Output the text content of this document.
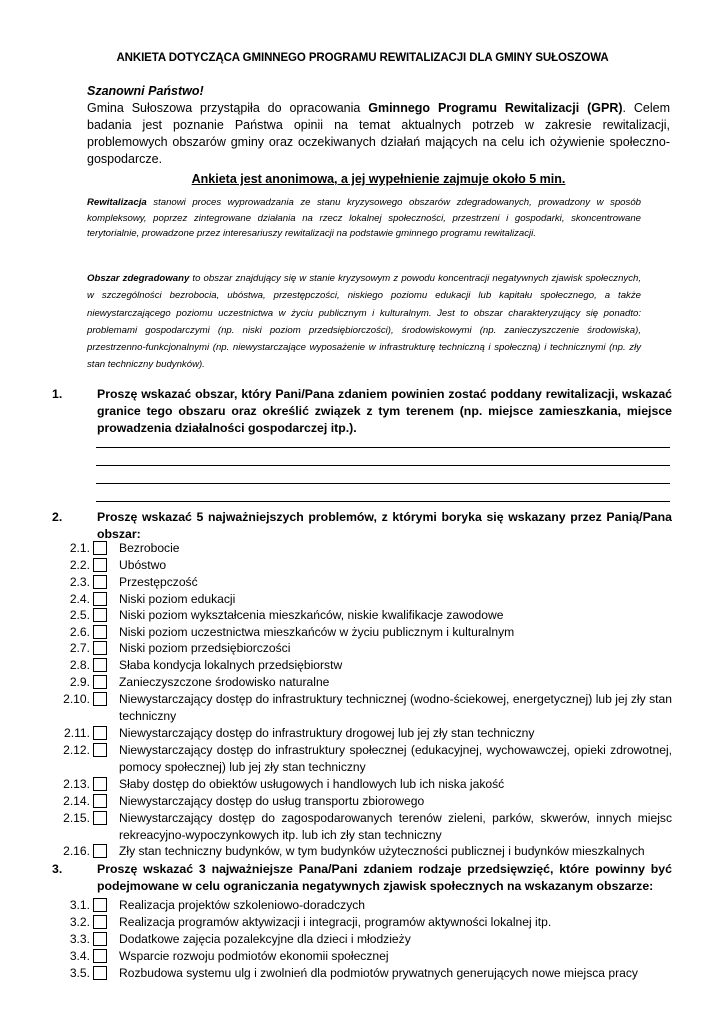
ANKIETA DOTYCZĄCA GMINNEGO PROGRAMU REWITALIZACJI DLA GMINY SUŁOSZOWA
Szanowni Państwo!
Gmina Sułoszowa przystąpiła do opracowania Gminnego Programu Rewitalizacji (GPR). Celem badania jest poznanie Państwa opinii na temat aktualnych potrzeb w zakresie rewitalizacji, problemowych obszarów gminy oraz oczekiwanych działań mających na celu ich ożywienie społeczno-gospodarcze.
Ankieta jest anonimowa, a jej wypełnienie zajmuje około 5 min.
Rewitalizacja stanowi proces wyprowadzania ze stanu kryzysowego obszarów zdegradowanych, prowadzony w sposób kompleksowy, poprzez zintegrowane działania na rzecz lokalnej społeczności, przestrzeni i gospodarki, skoncentrowane terytorialnie, prowadzone przez interesariuszy rewitalizacji na podstawie gminnego programu rewitalizacji.
Obszar zdegradowany to obszar znajdujący się w stanie kryzysowym z powodu koncentracji negatywnych zjawisk społecznych, w szczególności bezrobocia, ubóstwa, przestępczości, niskiego poziomu edukacji lub kapitału społecznego, a także niewystarczającego poziomu uczestnictwa w życiu publicznym i kulturalnym. Jest to obszar charakteryzujący się ponadto: problemami gospodarczymi (np. niski poziom przedsiębiorczości), środowiskowymi (np. zanieczyszczenie środowiska), przestrzenno-funkcjonalnymi (np. niewystarczające wyposażenie w infrastrukturę techniczną i społeczną) i technicznymi (np. zły stan techniczny budynków).
1.	Proszę wskazać obszar, który Pani/Pana zdaniem powinien zostać poddany rewitalizacji, wskazać granice tego obszaru oraz określić związek z tym terenem (np. miejsce zamieszkania, miejsce prowadzenia działalności gospodarczej itp.).
2.	Proszę wskazać 5 najważniejszych problemów, z którymi boryka się wskazany przez Panią/Pana obszar:
2.1. Bezrobocie
2.2. Ubóstwo
2.3. Przestępczość
2.4. Niski poziom edukacji
2.5. Niski poziom wykształcenia mieszkańców, niskie kwalifikacje zawodowe
2.6. Niski poziom uczestnictwa mieszkańców w życiu publicznym i kulturalnym
2.7. Niski poziom przedsiębiorczości
2.8. Słaba kondycja lokalnych przedsiębiorstw
2.9. Zanieczyszczone środowisko naturalne
2.10. Niewystarczający dostęp do infrastruktury technicznej (wodno-ściekowej, energetycznej) lub jej zły stan techniczny
2.11. Niewystarczający dostęp do infrastruktury drogowej lub jej zły stan techniczny
2.12. Niewystarczający dostęp do infrastruktury społecznej (edukacyjnej, wychowawczej, opieki zdrowotnej, pomocy społecznej) lub jej zły stan techniczny
2.13. Słaby dostęp do obiektów usługowych i handlowych lub ich niska jakość
2.14. Niewystarczający dostęp do usług transportu zbiorowego
2.15. Niewystarczający dostęp do zagospodarowanych terenów zieleni, parków, skwerów, innych miejsc rekreacyjno-wypoczynkowych itp. lub ich zły stan techniczny
2.16. Zły stan techniczny budynków, w tym budynków użyteczności publicznej i budynków mieszkalnych
3.	Proszę wskazać 3 najważniejsze Pana/Pani zdaniem rodzaje przedsięwzięć, które powinny być podejmowane w celu ograniczania negatywnych zjawisk społecznych na wskazanym obszarze:
3.1. Realizacja projektów szkoleniowo-doradczych
3.2. Realizacja programów aktywizacji i integracji, programów aktywności lokalnej itp.
3.3. Dodatkowe zajęcia pozalekcyjne dla dzieci i młodzieży
3.4. Wsparcie rozwoju podmiotów ekonomii społecznej
3.5. Rozbudowa systemu ulg i zwolnień dla podmiotów prywatnych generujących nowe miejsca pracy
